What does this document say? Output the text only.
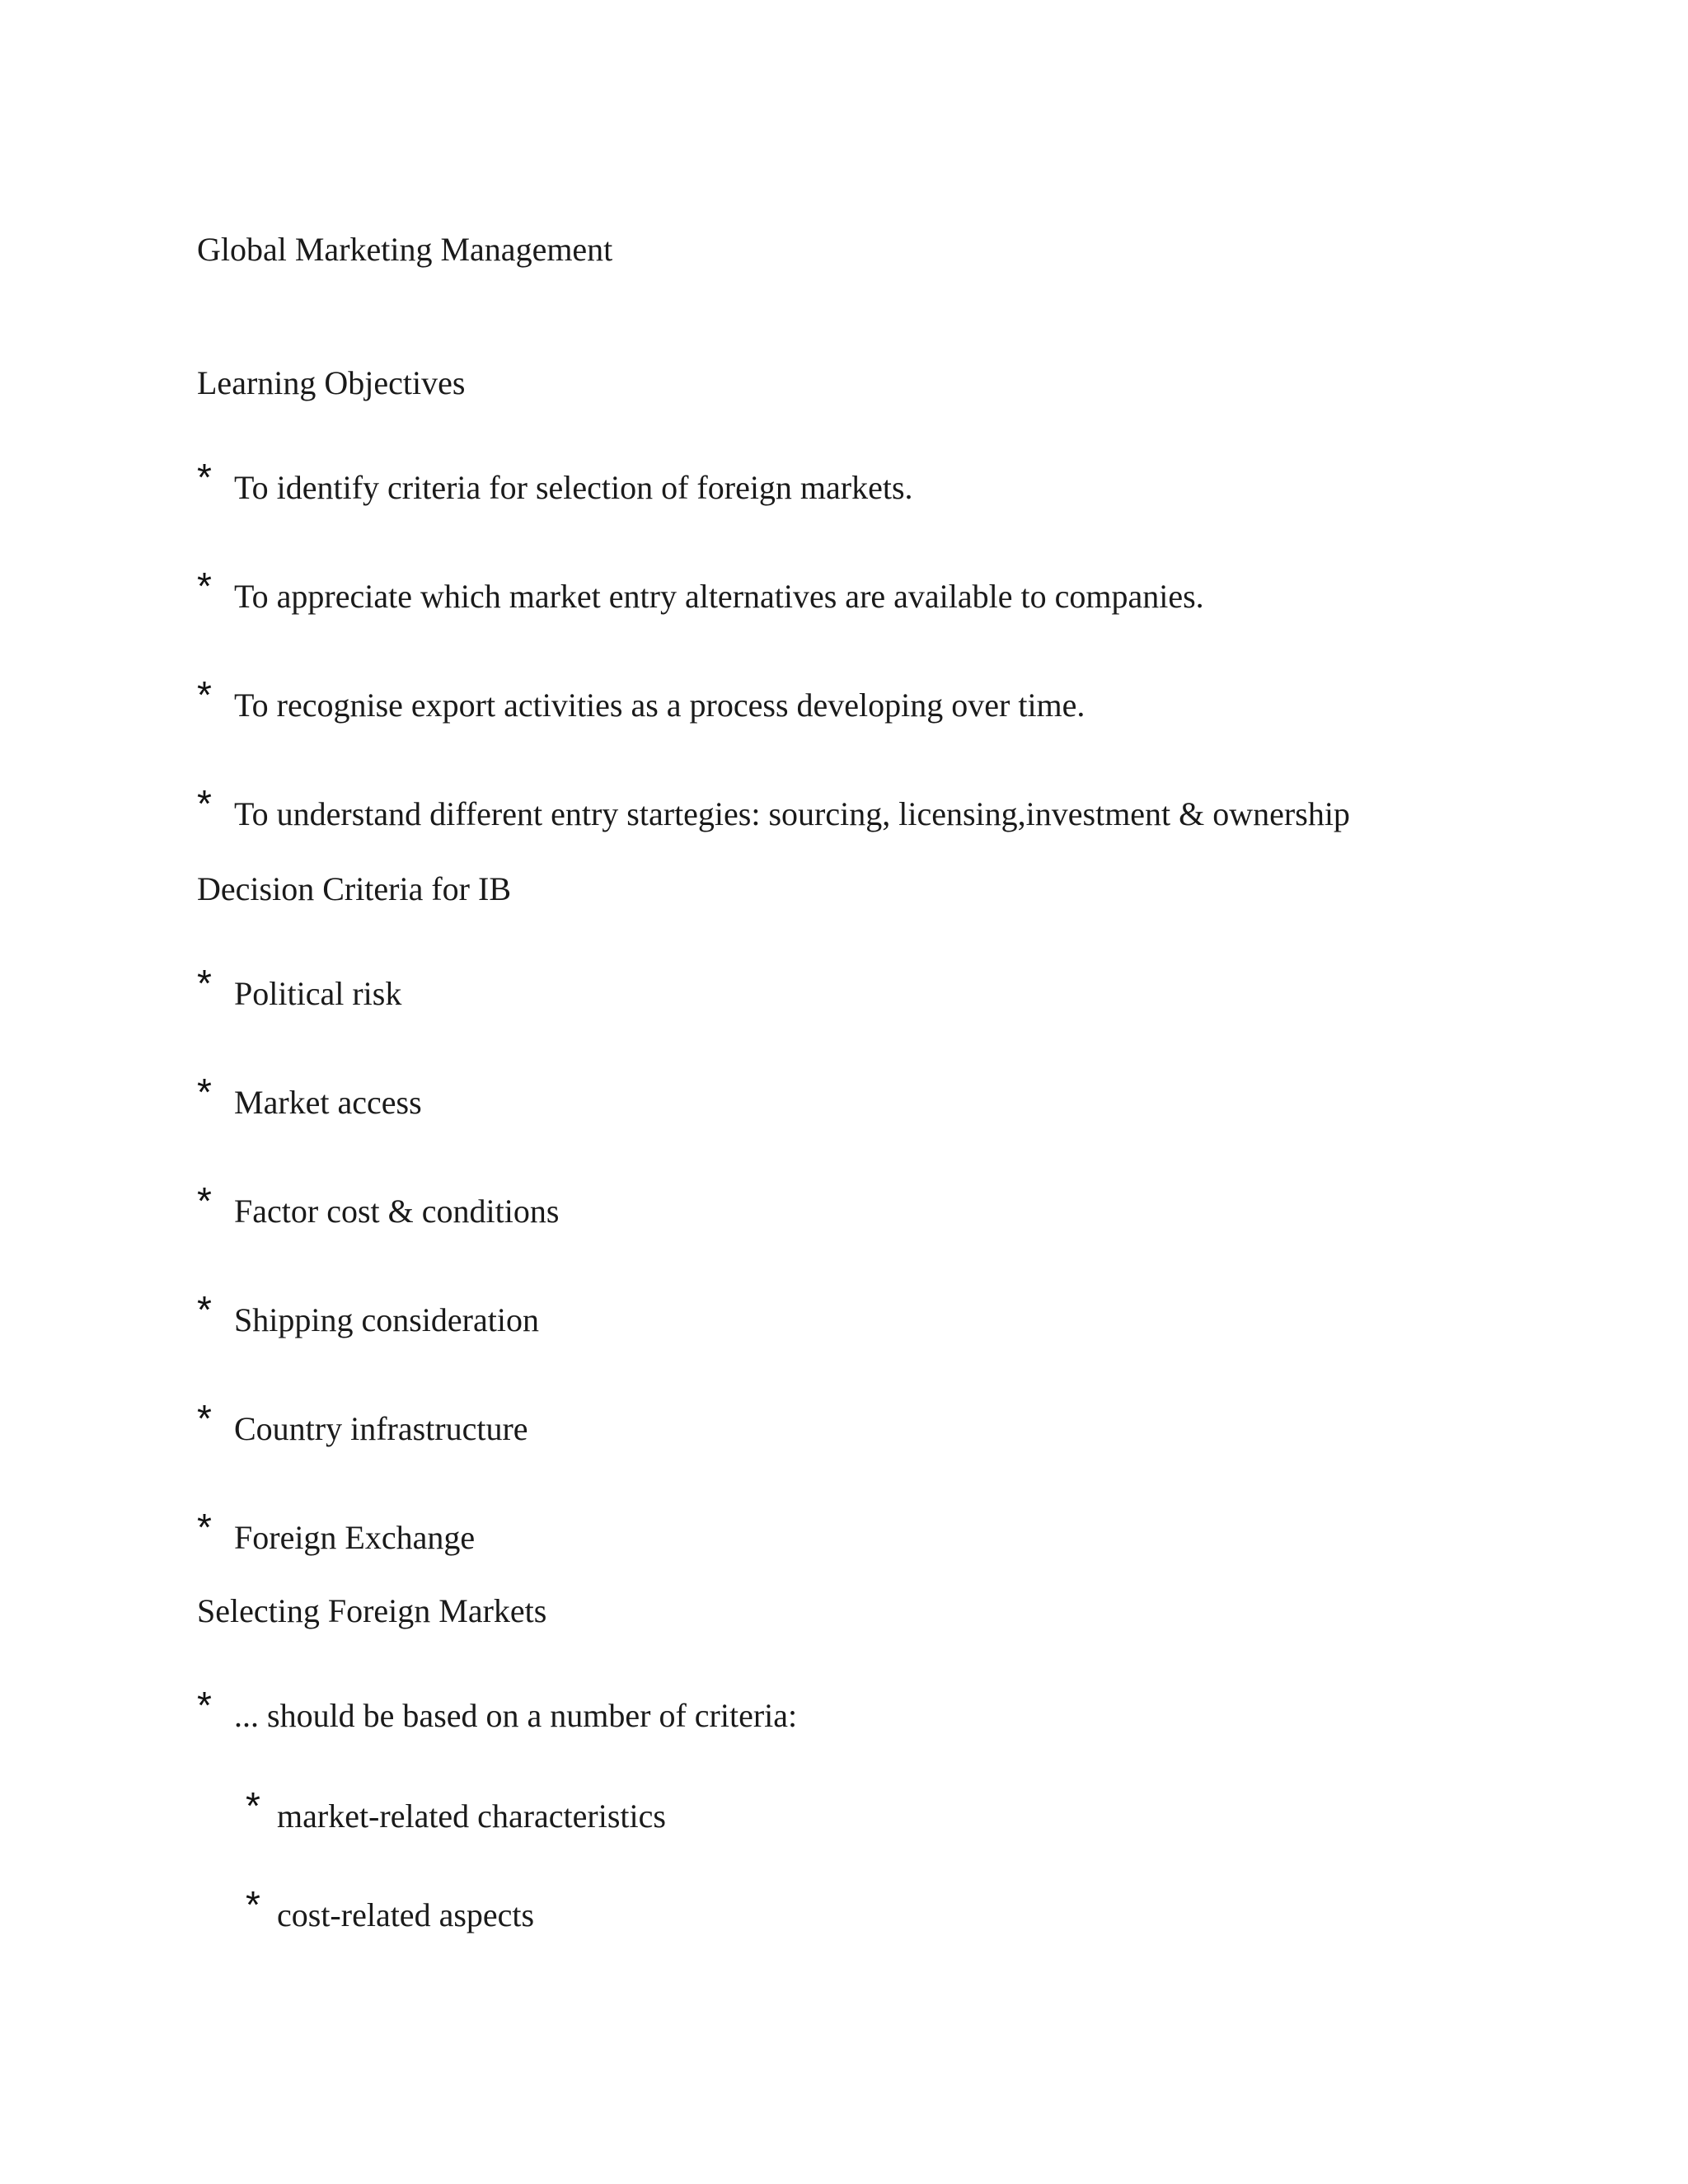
Global Marketing Management
Learning Objectives
* To identify criteria for selection of foreign markets.
* To appreciate which market entry alternatives are available to companies.
* To recognise export activities as a process developing over time.
* To understand different entry startegies: sourcing, licensing,investment & ownership
Decision Criteria for IB
* Political risk
* Market access
* Factor cost & conditions
* Shipping consideration
* Country infrastructure
* Foreign Exchange
Selecting Foreign Markets
* ... should be based on a number of criteria:
* market-related characteristics
* cost-related aspects
